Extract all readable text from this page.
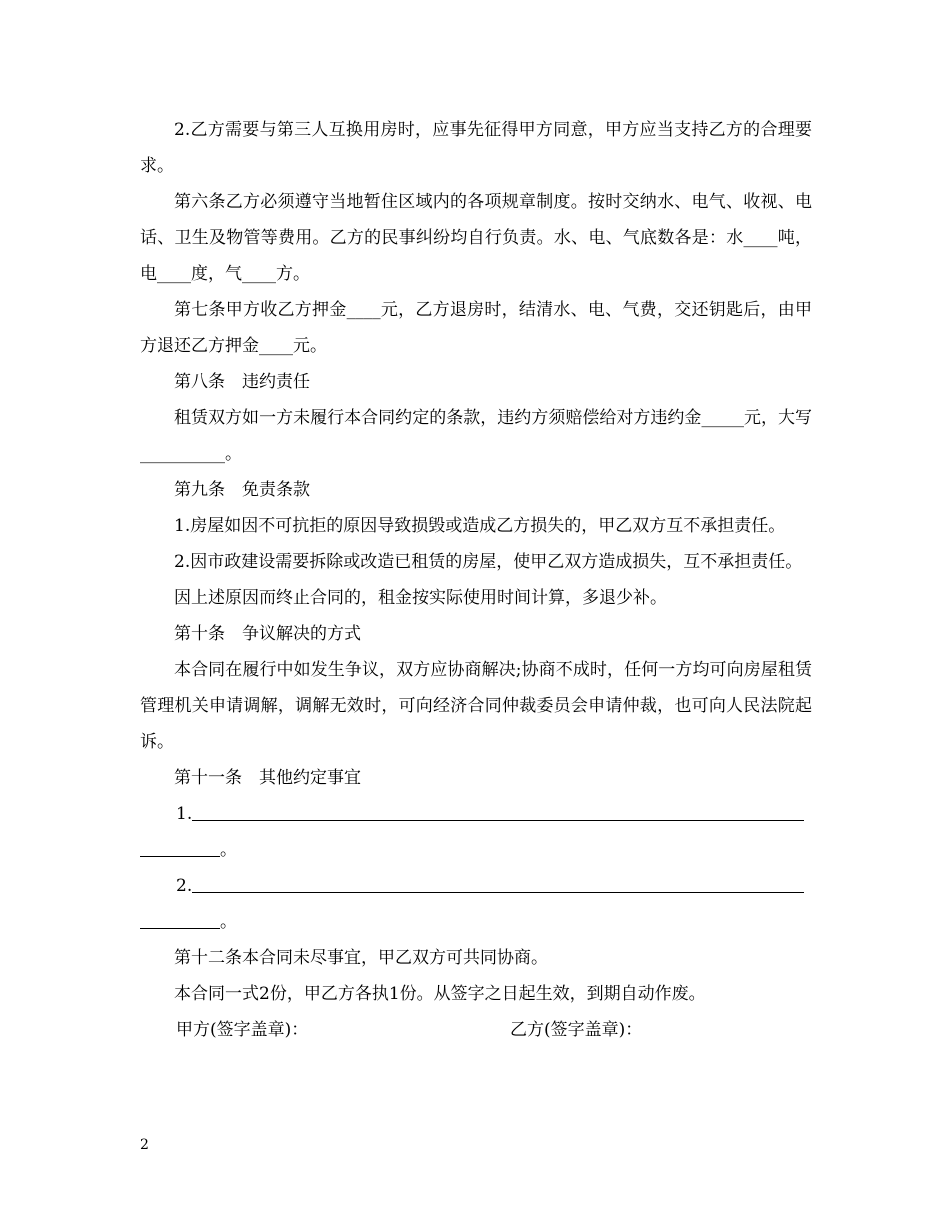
2.乙方需要与第三人互换用房时，应事先征得甲方同意，甲方应当支持乙方的合理要求。

第六条乙方必须遵守当地暂住区域内的各项规章制度。按时交纳水、电气、收视、电话、卫生及物管等费用。乙方的民事纠纷均自行负责。水、电、气底数各是：水____吨，电____度，气____方。

第七条甲方收乙方押金____元，乙方退房时，结清水、电、气费，交还钥匙后，由甲方退还乙方押金____元。

第八条　违约责任

租赁双方如一方未履行本合同约定的条款，违约方须赔偿给对方违约金_____元，大写__________。

第九条　免责条款

1.房屋如因不可抗拒的原因导致损毁或造成乙方损失的，甲乙双方互不承担责任。

2.因市政建设需要拆除或改造已租赁的房屋，使甲乙双方造成损失，互不承担责任。

因上述原因而终止合同的，租金按实际使用时间计算，多退少补。

第十条　争议解决的方式

本合同在履行中如发生争议，双方应协商解决;协商不成时，任何一方均可向房屋租赁管理机关申请调解，调解无效时，可向经济合同仲裁委员会申请仲裁，也可向人民法院起诉。

第十一条　其他约定事宜

1.
。
2.
。

第十二条本合同未尽事宜，甲乙双方可共同协商。

本合同一式2份，甲乙方各执1份。从签字之日起生效，到期自动作废。

甲方(签字盖章)：	乙方(签字盖章)：
2
